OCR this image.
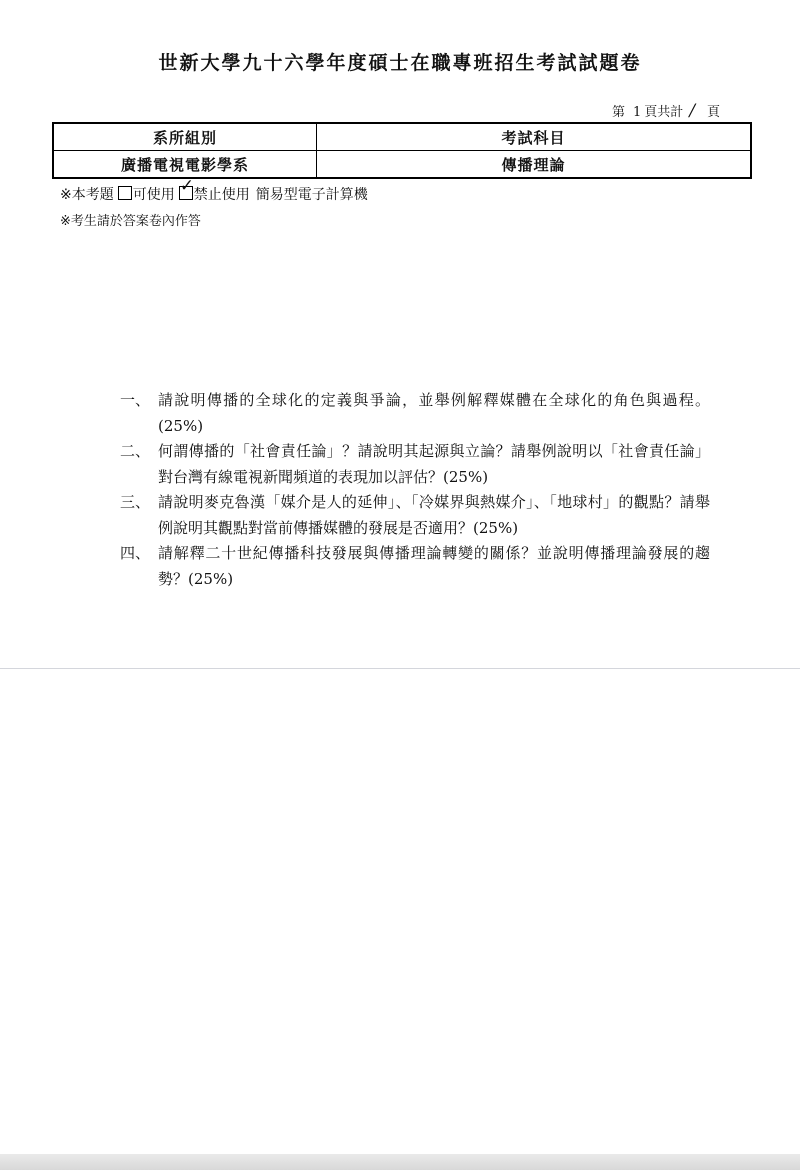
世新大學九十六學年度碩士在職專班招生考試試題卷
第 1 頁共計 / 頁
系所組別	考試科目
廣播電視電影學系	傳播理論
※本考題 可使用 ✓ 禁止使用 簡易型電子計算機
※考生請於答案卷內作答
一、 請說明傳播的全球化的定義與爭論，並舉例解釋媒體在全球化的角色與過程。(25%)
二、 何謂傳播的「社會責任論」？請說明其起源與立論？請舉例說明以「社會責任論」對台灣有線電視新聞頻道的表現加以評估？(25%)
三、 請說明麥克魯漢「媒介是人的延伸」、「冷媒界與熱媒介」、「地球村」的觀點？請舉例說明其觀點對當前傳播媒體的發展是否適用？(25%)
四、 請解釋二十世紀傳播科技發展與傳播理論轉變的關係？並說明傳播理論發展的趨勢？(25%)
